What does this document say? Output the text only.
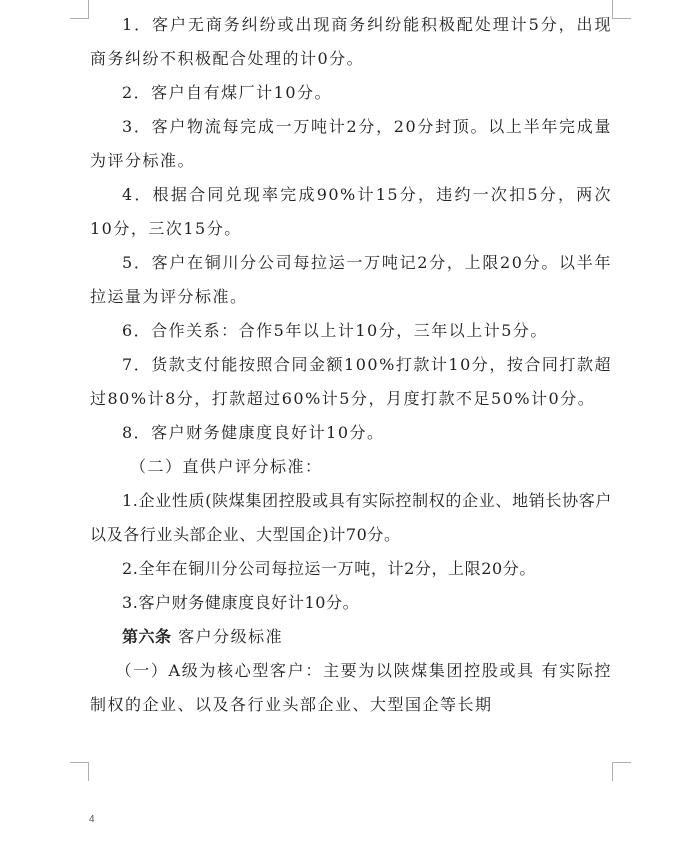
1．客户无商务纠纷或出现商务纠纷能积极配处理计5分，出现商务纠纷不积极配合处理的计0分。

2．客户自有煤厂计10分。

3．客户物流每完成一万吨计2分，20分封顶。以上半年完成量为评分标准。

4．根据合同兑现率完成90%计15分，违约一次扣5分，两次10分，三次15分。

5．客户在铜川分公司每拉运一万吨记2分，上限20分。以半年拉运量为评分标准。

6．合作关系：合作5年以上计10分，三年以上计5分。

7．货款支付能按照合同金额100%打款计10分，按合同打款超过80%计8分，打款超过60%计5分，月度打款不足50%计0分。

8．客户财务健康度良好计10分。

（二）直供户评分标准：

1.企业性质(陕煤集团控股或具有实际控制权的企业、地销长协客户以及各行业头部企业、大型国企)计70分。

2.全年在铜川分公司每拉运一万吨，计2分，上限20分。

3.客户财务健康度良好计10分。

第六条 客户分级标准

（一）A级为核心型客户：主要为以陕煤集团控股或具 有实际控制权的企业、以及各行业头部企业、大型国企等长期

4
